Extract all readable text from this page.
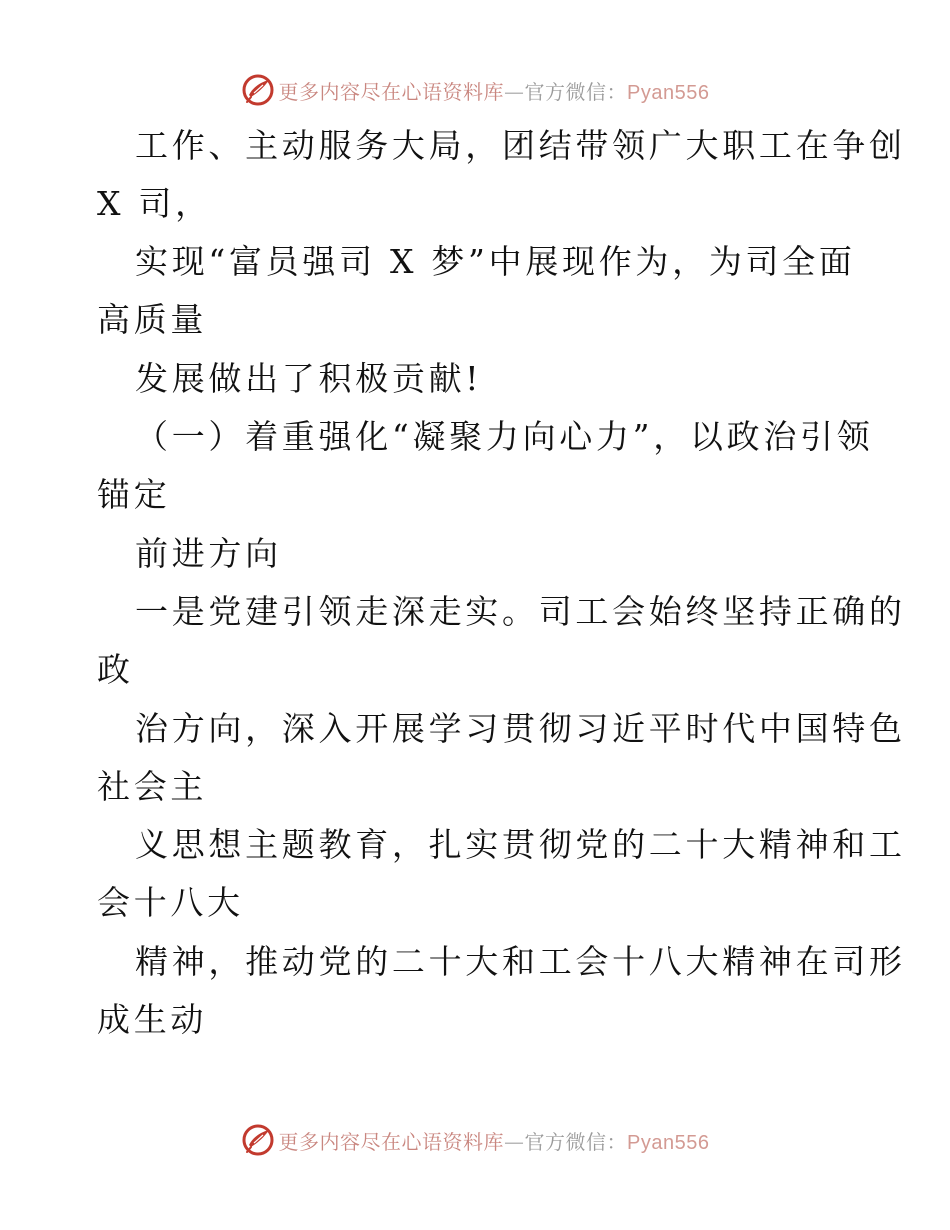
更多内容尽在心语资料库—官方微信：Pyan556
工作、主动服务大局，团结带领广大职工在争创
X 司，
实现“富员强司 X 梦”中展现作为，为司全面
高质量
发展做出了积极贡献!
（一）着重强化“凝聚力向心力”，以政治引领
锚定
前进方向
一是党建引领走深走实。司工会始终坚持正确的
政
治方向，深入开展学习贯彻习近平时代中国特色
社会主
义思想主题教育，扎实贯彻党的二十大精神和工
会十八大
精神，推动党的二十大和工会十八大精神在司形
成生动
更多内容尽在心语资料库—官方微信：Pyan556
